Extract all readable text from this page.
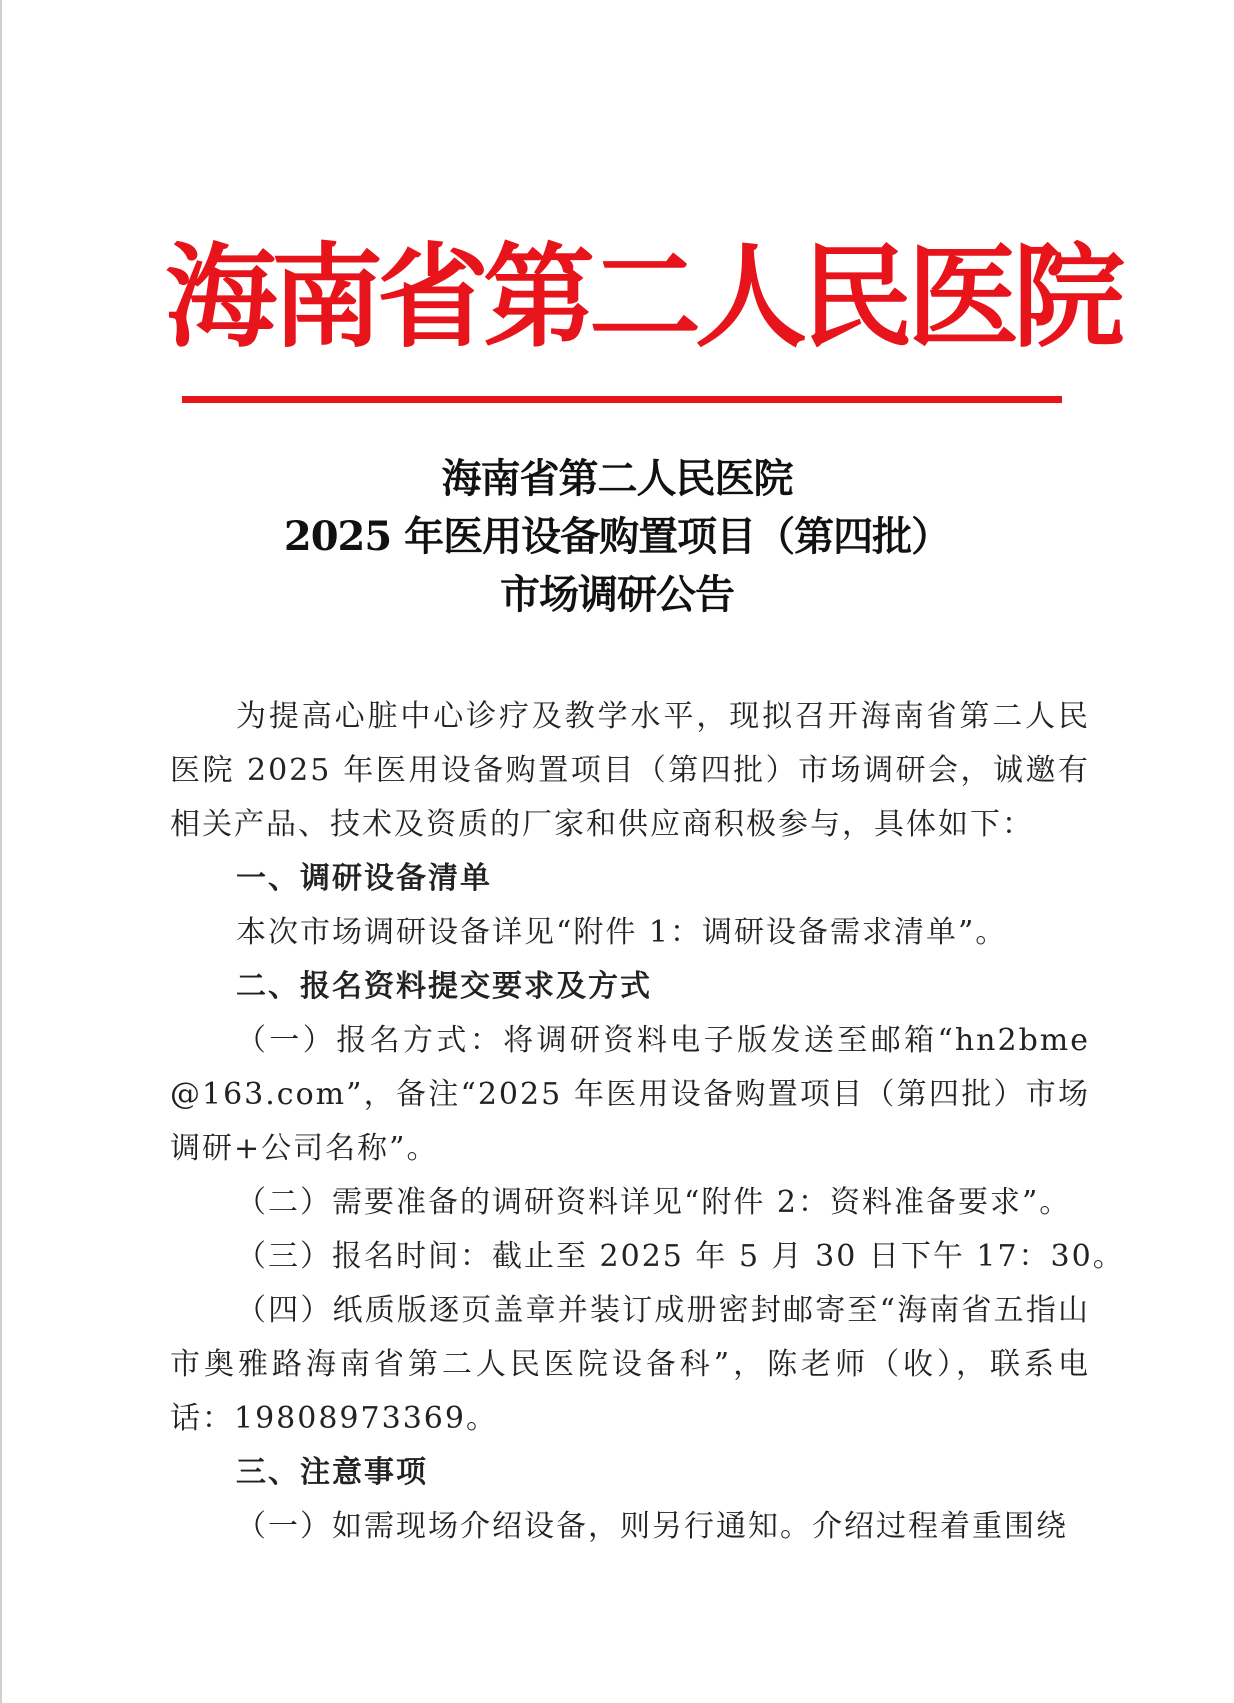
海南省第二人民医院
海南省第二人民医院
2025 年医用设备购置项目（第四批）
市场调研公告

为提高心脏中心诊疗及教学水平，现拟召开海南省第二人民医院 2025 年医用设备购置项目（第四批）市场调研会，诚邀有相关产品、技术及资质的厂家和供应商积极参与，具体如下：

一、调研设备清单

本次市场调研设备详见“附件 1：调研设备需求清单”。

二、报名资料提交要求及方式

（一）报名方式：将调研资料电子版发送至邮箱“hn2bme@163.com”，备注“2025 年医用设备购置项目（第四批）市场调研+公司名称”。

（二）需要准备的调研资料详见“附件 2：资料准备要求”。

（三）报名时间：截止至 2025 年 5 月 30 日下午 17：30。

（四）纸质版逐页盖章并装订成册密封邮寄至“海南省五指山市奥雅路海南省第二人民医院设备科”，陈老师（收），联系电话：19808973369。

三、注意事项

（一）如需现场介绍设备，则另行通知。介绍过程着重围绕
